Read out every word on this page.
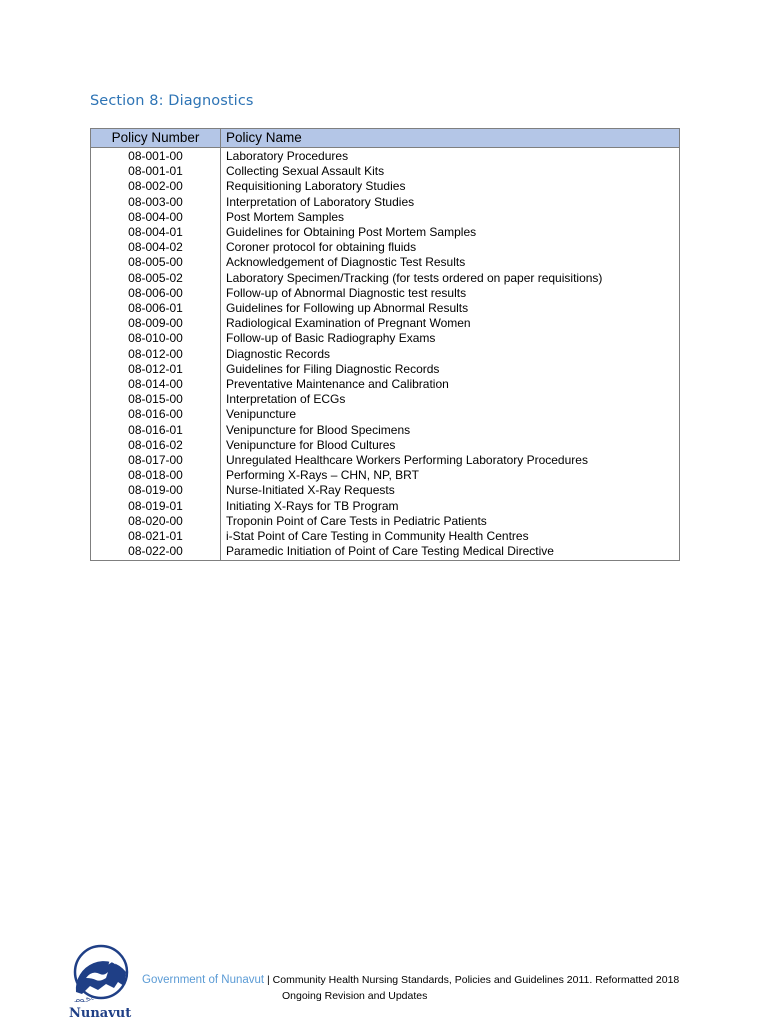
Section 8: Diagnostics
Policy Number	Policy Name
08-001-00	Laboratory Procedures
08-001-01	Collecting Sexual Assault Kits
08-002-00	Requisitioning Laboratory Studies
08-003-00	Interpretation of Laboratory Studies
08-004-00	Post Mortem Samples
08-004-01	Guidelines for Obtaining Post Mortem Samples
08-004-02	Coroner protocol for obtaining fluids
08-005-00	Acknowledgement of Diagnostic Test Results
08-005-02	Laboratory Specimen/Tracking (for tests ordered on paper requisitions)
08-006-00	Follow-up of Abnormal Diagnostic test results
08-006-01	Guidelines for Following up Abnormal Results
08-009-00	Radiological Examination of Pregnant Women
08-010-00	Follow-up of Basic Radiography Exams
08-012-00	Diagnostic Records
08-012-01	Guidelines for Filing Diagnostic Records
08-014-00	Preventative Maintenance and Calibration
08-015-00	Interpretation of ECGs
08-016-00	Venipuncture
08-016-01	Venipuncture for Blood Specimens
08-016-02	Venipuncture for Blood Cultures
08-017-00	Unregulated Healthcare Workers Performing Laboratory Procedures
08-018-00	Performing X-Rays – CHN, NP, BRT
08-019-00	Nurse-Initiated X-Ray Requests
08-019-01	Initiating X-Rays for TB Program
08-020-00	Troponin Point of Care Tests in Pediatric Patients
08-021-01	i-Stat Point of Care Testing in Community Health Centres
08-022-00	Paramedic Initiation of Point of Care Testing Medical Directive
ᓄᓇᕗᑦ
Nunavut
Government of Nunavut | Community Health Nursing Standards, Policies and Guidelines 2011. Reformatted 2018
Ongoing Revision and Updates
